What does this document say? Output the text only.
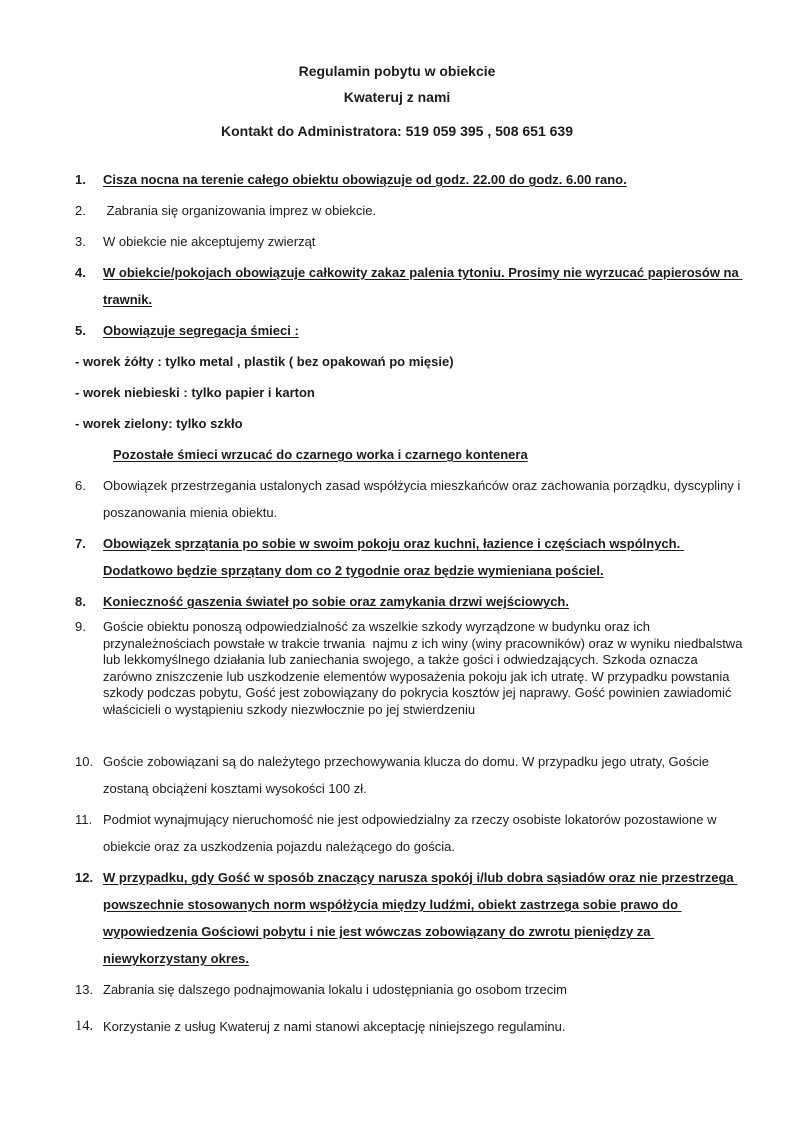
Regulamin pobytu w obiekcie
Kwateruj z nami
Kontakt do Administratora: 519 059 395 , 508 651 639
1.	Cisza nocna na terenie całego obiektu obowiązuje od godz. 22.00 do godz. 6.00 rano.
2.	Zabrania się organizowania imprez w obiekcie.
3.	W obiekcie nie akceptujemy zwierząt
4.	W obiekcie/pokojach obowiązuje całkowity zakaz palenia tytoniu. Prosimy nie wyrzucać papierosów na trawnik.
5.	Obowiązuje segregacja śmieci :
- worek żółty : tylko metal , plastik ( bez opakowań po mięsie)
- worek niebieski : tylko papier i karton
- worek zielony: tylko szkło
Pozostałe śmieci wrzucać do czarnego worka i czarnego kontenera
6.	Obowiązek przestrzegania ustalonych zasad współżycia mieszkańców oraz zachowania porządku, dyscypliny i poszanowania mienia obiektu.
7.	Obowiązek sprzątania po sobie w swoim pokoju oraz kuchni, łazience i częściach wspólnych. Dodatkowo będzie sprzątany dom co 2 tygodnie oraz będzie wymieniana pościel.
8.	Konieczność gaszenia świateł po sobie oraz zamykania drzwi wejściowych.
9.	Goście obiektu ponoszą odpowiedzialność za wszelkie szkody wyrządzone w budynku oraz ich przynależnościach powstałe w trakcie trwania  najmu z ich winy (winy pracowników) oraz w wyniku niedbalstwa lub lekkomyślnego działania lub zaniechania swojego, a także gości i odwiedzających. Szkoda oznacza zarówno zniszczenie lub uszkodzenie elementów wyposażenia pokoju jak ich utratę. W przypadku powstania szkody podczas pobytu, Gość jest zobowiązany do pokrycia kosztów jej naprawy. Gość powinien zawiadomić właścicieli o wystąpieniu szkody niezwłocznie po jej stwierdzeniu
10. Goście zobowiązani są do należytego przechowywania klucza do domu. W przypadku jego utraty, Goście zostaną obciążeni kosztami wysokości 100 zł.
11. Podmiot wynajmujący nieruchomość nie jest odpowiedzialny za rzeczy osobiste lokatorów pozostawione w obiekcie oraz za uszkodzenia pojazdu należącego do gościa.
12. W przypadku, gdy Gość w sposób znaczący narusza spokój i/lub dobra sąsiadów oraz nie przestrzega powszechnie stosowanych norm współżycia między ludźmi, obiekt zastrzega sobie prawo do wypowiedzenia Gościowi pobytu i nie jest wówczas zobowiązany do zwrotu pieniędzy za niewykorzystany okres.
13. Zabrania się dalszego podnajmowania lokalu i udostępniania go osobom trzecim
14. Korzystanie z usług Kwateruj z nami stanowi akceptację niniejszego regulaminu.
